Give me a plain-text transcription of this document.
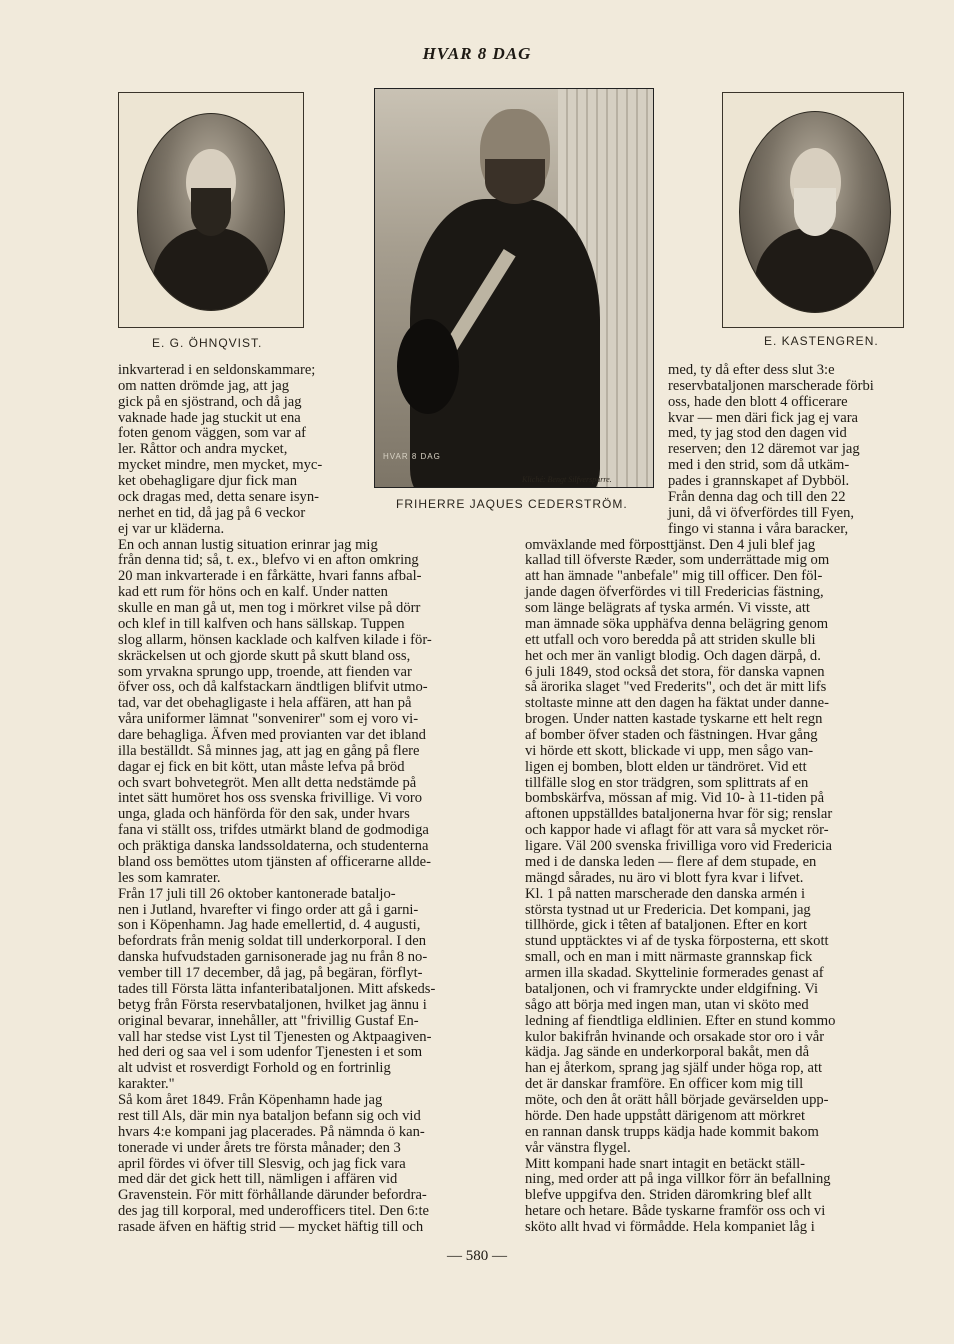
HVAR 8 DAG
E. G. ÖHNQVIST.
HVAR 8 DAG
Kliché: Bengt Silfversparre.
FRIHERRE JAQUES CEDERSTRÖM.
E. KASTENGREN.
inkvarterad i en seldonskammare;
om natten drömde jag, att jag
gick på en sjöstrand, och då jag
vaknade hade jag stuckit ut ena
foten genom väggen, som var af
ler. Råttor och andra mycket,
mycket mindre, men mycket, myc-
ket obehagligare djur fick man
ock dragas med, detta senare isyn-
nerhet en tid, då jag på 6 veckor
ej var ur kläderna.
En och annan lustig situation erinrar jag mig
från denna tid; så, t. ex., blefvo vi en afton omkring
20 man inkvarterade i en fårkätte, hvari fanns afbal-
kad ett rum för höns och en kalf. Under natten
skulle en man gå ut, men tog i mörkret vilse på dörr
och klef in till kalfven och hans sällskap. Tuppen
slog allarm, hönsen kacklade och kalfven kilade i för-
skräckelsen ut och gjorde skutt på skutt bland oss,
som yrvakna sprungo upp, troende, att fienden var
öfver oss, och då kalfstackarn ändtligen blifvit utmo-
tad, var det obehagligaste i hela affären, att han på
våra uniformer lämnat "sonvenirer" som ej voro vi-
dare behagliga. Äfven med provianten var det ibland
illa beställdt. Så minnes jag, att jag en gång på flere
dagar ej fick en bit kött, utan måste lefva på bröd
och svart bohvetegröt. Men allt detta nedstämde på
intet sätt humöret hos oss svenska frivillige. Vi voro
unga, glada och hänförda för den sak, under hvars
fana vi ställt oss, trifdes utmärkt bland de godmodiga
och präktiga danska landssoldaterna, och studenterna
bland oss bemöttes utom tjänsten af officerarne allde-
les som kamrater.
Från 17 juli till 26 oktober kantonerade bataljo-
nen i Jutland, hvarefter vi fingo order att gå i garni-
son i Köpenhamn. Jag hade emellertid, d. 4 augusti,
befordrats från menig soldat till underkorporal. I den
danska hufvudstaden garnisonerade jag nu från 8 no-
vember till 17 december, då jag, på begäran, förflyt-
tades till Första lätta infanteribataljonen. Mitt afskeds-
betyg från Första reservbataljonen, hvilket jag ännu i
original bevarar, innehåller, att "frivillig Gustaf En-
vall har stedse vist Lyst til Tjenesten og Aktpaagiven-
hed deri og saa vel i som udenfor Tjenesten i et som
alt udvist et rosverdigt Forhold og en fortrinlig
karakter."
Så kom året 1849. Från Köpenhamn hade jag
rest till Als, där min nya bataljon befann sig och vid
hvars 4:e kompani jag placerades. På nämnda ö kan-
tonerade vi under årets tre första månader; den 3
april fördes vi öfver till Slesvig, och jag fick vara
med där det gick hett till, nämligen i affären vid
Gravenstein. För mitt förhållande därunder befordra-
des jag till korporal, med underofficers titel. Den 6:te
rasade äfven en häftig strid — mycket häftig till och
med, ty då efter dess slut 3:e
reservbataljonen marscherade förbi
oss, hade den blott 4 officerare
kvar — men däri fick jag ej vara
med, ty jag stod den dagen vid
reserven; den 12 däremot var jag
med i den strid, som då utkäm-
pades i grannskapet af Dybböl.
Från denna dag och till den 22
juni, då vi öfverfördes till Fyen,
fingo vi stanna i våra baracker,
omväxlande med förposttjänst. Den 4 juli blef jag
kallad till öfverste Ræder, som underrättade mig om
att han ämnade "anbefale" mig till officer. Den föl-
jande dagen öfverfördes vi till Fredericias fästning,
som länge belägrats af tyska armén. Vi visste, att
man ämnade söka upphäfva denna belägring genom
ett utfall och voro beredda på att striden skulle bli
het och mer än vanligt blodig. Och dagen därpå, d.
6 juli 1849, stod också det stora, för danska vapnen
så ärorika slaget "ved Frederits", och det är mitt lifs
stoltaste minne att den dagen ha fäktat under danne-
brogen. Under natten kastade tyskarne ett helt regn
af bomber öfver staden och fästningen. Hvar gång
vi hörde ett skott, blickade vi upp, men sågo van-
ligen ej bomben, blott elden ur tändröret. Vid ett
tillfälle slog en stor trädgren, som splittrats af en
bombskärfva, mössan af mig. Vid 10- à 11-tiden på
aftonen uppställdes bataljonerna hvar för sig; renslar
och kappor hade vi aflagt för att vara så mycket rör-
ligare. Väl 200 svenska frivilliga voro vid Fredericia
med i de danska leden — flere af dem stupade, en
mängd sårades, nu äro vi blott fyra kvar i lifvet.
Kl. 1 på natten marscherade den danska armén i
största tystnad ut ur Fredericia. Det kompani, jag
tillhörde, gick i têten af bataljonen. Efter en kort
stund upptäcktes vi af de tyska förposterna, ett skott
small, och en man i mitt närmaste grannskap fick
armen illa skadad. Skyttelinie formerades genast af
bataljonen, och vi framryckte under eldgifning. Vi
sågo att börja med ingen man, utan vi sköto med
ledning af fiendtliga eldlinien. Efter en stund kommo
kulor bakifrån hvinande och orsakade stor oro i vår
kädja. Jag sände en underkorporal bakåt, men då
han ej återkom, sprang jag själf under höga rop, att
det är danskar framföre. En officer kom mig till
möte, och den åt orätt håll började gevärselden upp-
hörde. Den hade uppstått därigenom att mörkret
en rannan dansk trupps kädja hade kommit bakom
vår vänstra flygel.
Mitt kompani hade snart intagit en betäckt ställ-
ning, med order att på inga villkor förr än befallning
blefve uppgifva den. Striden däromkring blef allt
hetare och hetare. Både tyskarne framför oss och vi
sköto allt hvad vi förmådde. Hela kompaniet låg i
— 580 —
